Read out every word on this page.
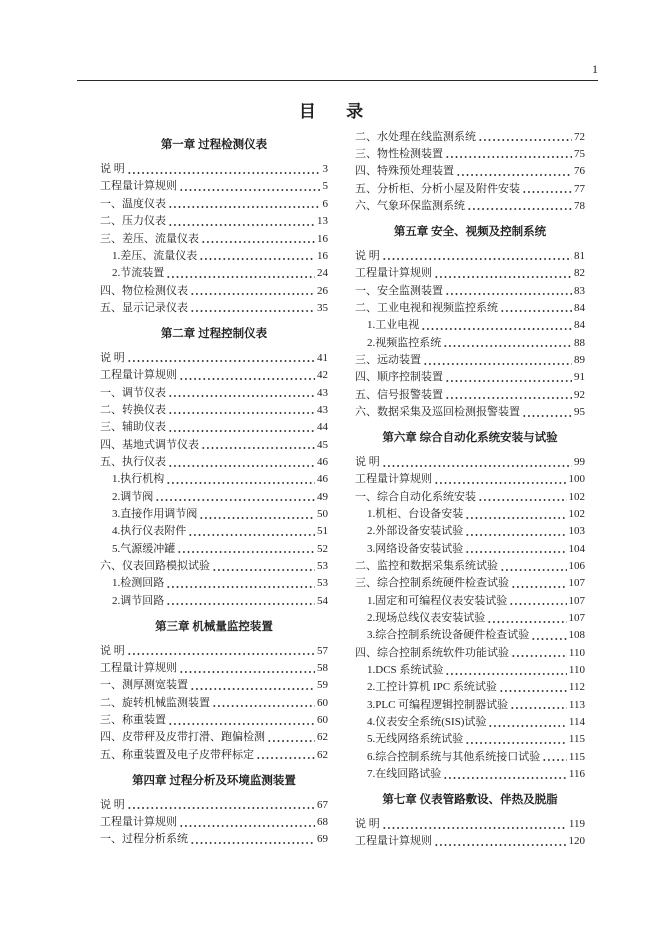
1
目 录
第一章 过程检测仪表
说 明	3
工程量计算规则	5
一、温度仪表	6
二、压力仪表	13
三、差压、流量仪表	16
1.差压、流量仪表	16
2.节流装置	24
四、物位检测仪表	26
五、显示记录仪表	35
第二章 过程控制仪表
说 明	41
工程量计算规则	42
一、调节仪表	43
二、转换仪表	43
三、辅助仪表	44
四、基地式调节仪表	45
五、执行仪表	46
1.执行机构	46
2.调节阀	49
3.直接作用调节阀	50
4.执行仪表附件	51
5.气源缓冲罐	52
六、仪表回路模拟试验	53
1.检测回路	53
2.调节回路	54
第三章 机械量监控装置
说 明	57
工程量计算规则	58
一、测厚测宽装置	59
二、旋转机械监测装置	60
三、称重装置	60
四、皮带秤及皮带打滑、跑偏检测	62
五、称重装置及电子皮带秤标定	62
第四章 过程分析及环境监测装置
说 明	67
工程量计算规则	68
一、过程分析系统	69
二、水处理在线监测系统	72
三、物性检测装置	75
四、特殊预处理装置	76
五、分析柜、分析小屋及附件安装	77
六、气象环保监测系统	78
第五章 安全、视频及控制系统
说 明	81
工程量计算规则	82
一、安全监测装置	83
二、工业电视和视频监控系统	84
1.工业电视	84
2.视频监控系统	88
三、远动装置	89
四、顺序控制装置	91
五、信号报警装置	92
六、数据采集及巡回检测报警装置	95
第六章 综合自动化系统安装与试验
说 明	99
工程量计算规则	100
一、综合自动化系统安装	102
1.机柜、台设备安装	102
2.外部设备安装试验	103
3.网络设备安装试验	104
二、监控和数据采集系统试验	106
三、综合控制系统硬件检查试验	107
1.固定和可编程仪表安装试验	107
2.现场总线仪表安装试验	107
3.综合控制系统设备硬件检查试验	108
四、综合控制系统软件功能试验	110
1.DCS 系统试验	110
2.工控计算机 IPC 系统试验	112
3.PLC 可编程逻辑控制器试验	113
4.仪表安全系统(SIS)试验	114
5.无线网络系统试验	115
6.综合控制系统与其他系统接口试验	115
7.在线回路试验	116
第七章 仪表管路敷设、伴热及脱脂
说 明	119
工程量计算规则	120
